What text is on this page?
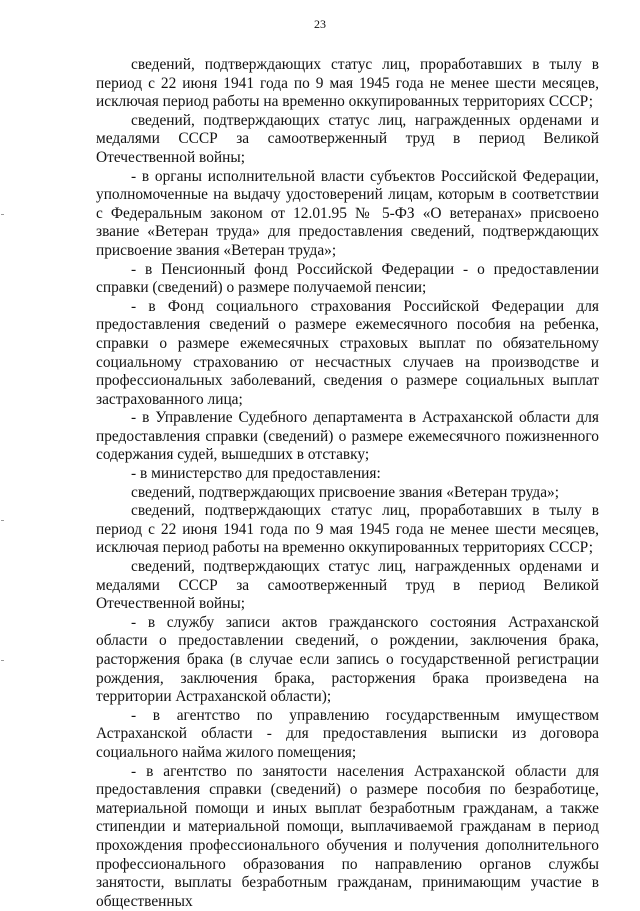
23

сведений, подтверждающих статус лиц, проработавших в тылу в период с 22 июня 1941 года по 9 мая 1945 года не менее шести месяцев, исключая период работы на временно оккупированных территориях СССР;

сведений, подтверждающих статус лиц, награжденных орденами и медалями СССР за самоотверженный труд в период Великой Отечественной войны;

- в органы исполнительной власти субъектов Российской Федерации, уполномоченные на выдачу удостоверений лицам, которым в соответствии с Федеральным законом от 12.01.95 № 5-ФЗ «О ветеранах» присвоено звание «Ветеран труда» для предоставления сведений, подтверждающих присвоение звания «Ветеран труда»;

- в Пенсионный фонд Российской Федерации - о предоставлении справки (сведений) о размере получаемой пенсии;

- в Фонд социального страхования Российской Федерации для предоставления сведений о размере ежемесячного пособия на ребенка, справки о размере ежемесячных страховых выплат по обязательному социальному страхованию от несчастных случаев на производстве и профессиональных заболеваний, сведения о размере социальных выплат застрахованного лица;

- в Управление Судебного департамента в Астраханской области для предоставления справки (сведений) о размере ежемесячного пожизненного содержания судей, вышедших в отставку;

- в министерство для предоставления:

сведений, подтверждающих присвоение звания «Ветеран труда»;

сведений, подтверждающих статус лиц, проработавших в тылу в период с 22 июня 1941 года по 9 мая 1945 года не менее шести месяцев, исключая период работы на временно оккупированных территориях СССР;

сведений, подтверждающих статус лиц, награжденных орденами и медалями СССР за самоотверженный труд в период Великой Отечественной войны;

- в службу записи актов гражданского состояния Астраханской области о предоставлении сведений, о рождении, заключения брака, расторжения брака (в случае если запись о государственной регистрации рождения, заключения брака, расторжения брака произведена на территории Астраханской области);

- в агентство по управлению государственным имуществом Астраханской области - для предоставления выписки из договора социального найма жилого помещения;

- в агентство по занятости населения Астраханской области для предоставления справки (сведений) о размере пособия по безработице, материальной помощи и иных выплат безработным гражданам, а также стипендии и материальной помощи, выплачиваемой гражданам в период прохождения профессионального обучения и получения дополнительного профессионального образования по направлению органов службы занятости, выплаты безработным гражданам, принимающим участие в общественных
